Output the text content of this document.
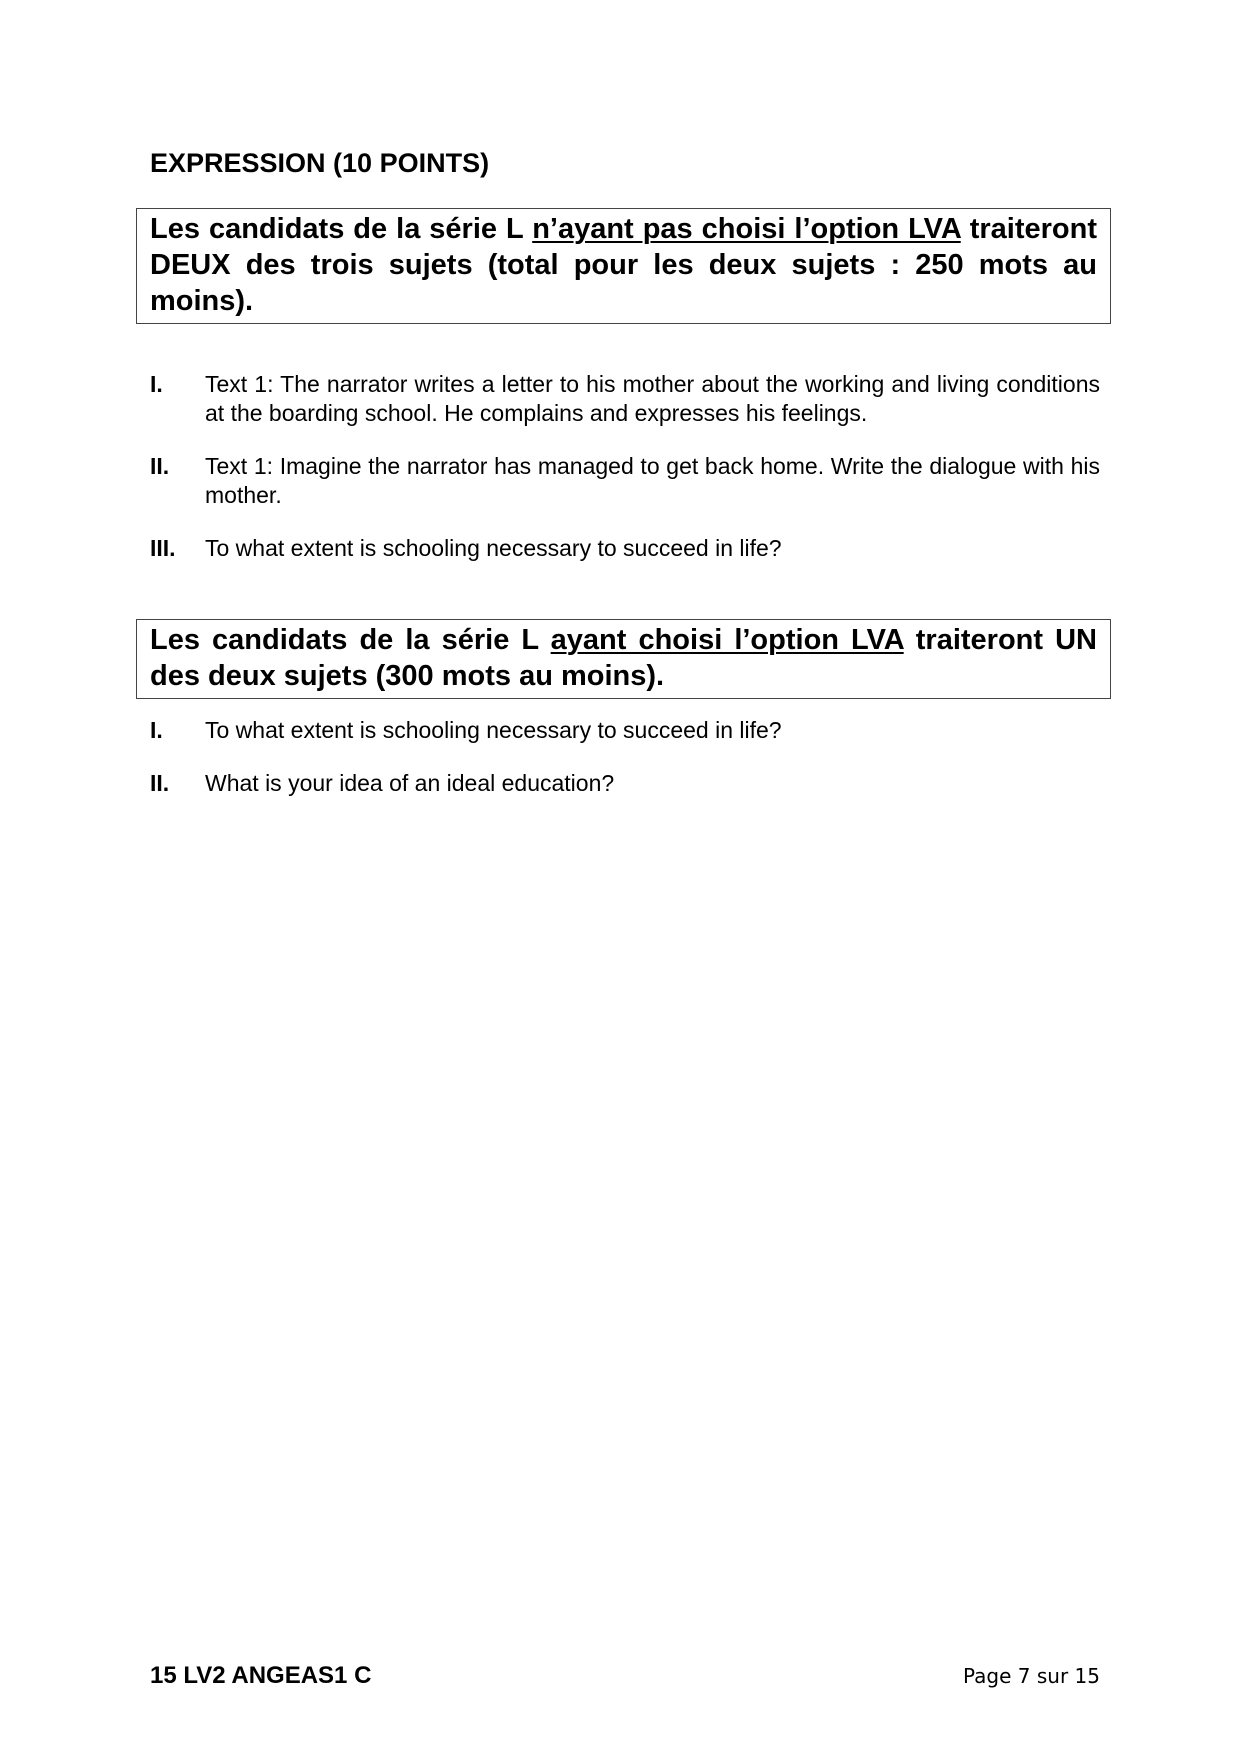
EXPRESSION (10 POINTS)
Les candidats de la série L n’ayant pas choisi l’option LVA traiteront DEUX des trois sujets (total pour les deux sujets : 250 mots au moins).
I.	Text 1: The narrator writes a letter to his mother about the working and living conditions at the boarding school. He complains and expresses his feelings.
II.	Text 1: Imagine the narrator has managed to get back home. Write the dialogue with his mother.
III.	To what extent is schooling necessary to succeed in life?
Les candidats de la série L ayant choisi l’option LVA traiteront UN des deux sujets (300 mots au moins).
I.	To what extent is schooling necessary to succeed in life?
II.	What is your idea of an ideal education?
15 LV2 ANGEAS1 C	Page 7 sur 15
